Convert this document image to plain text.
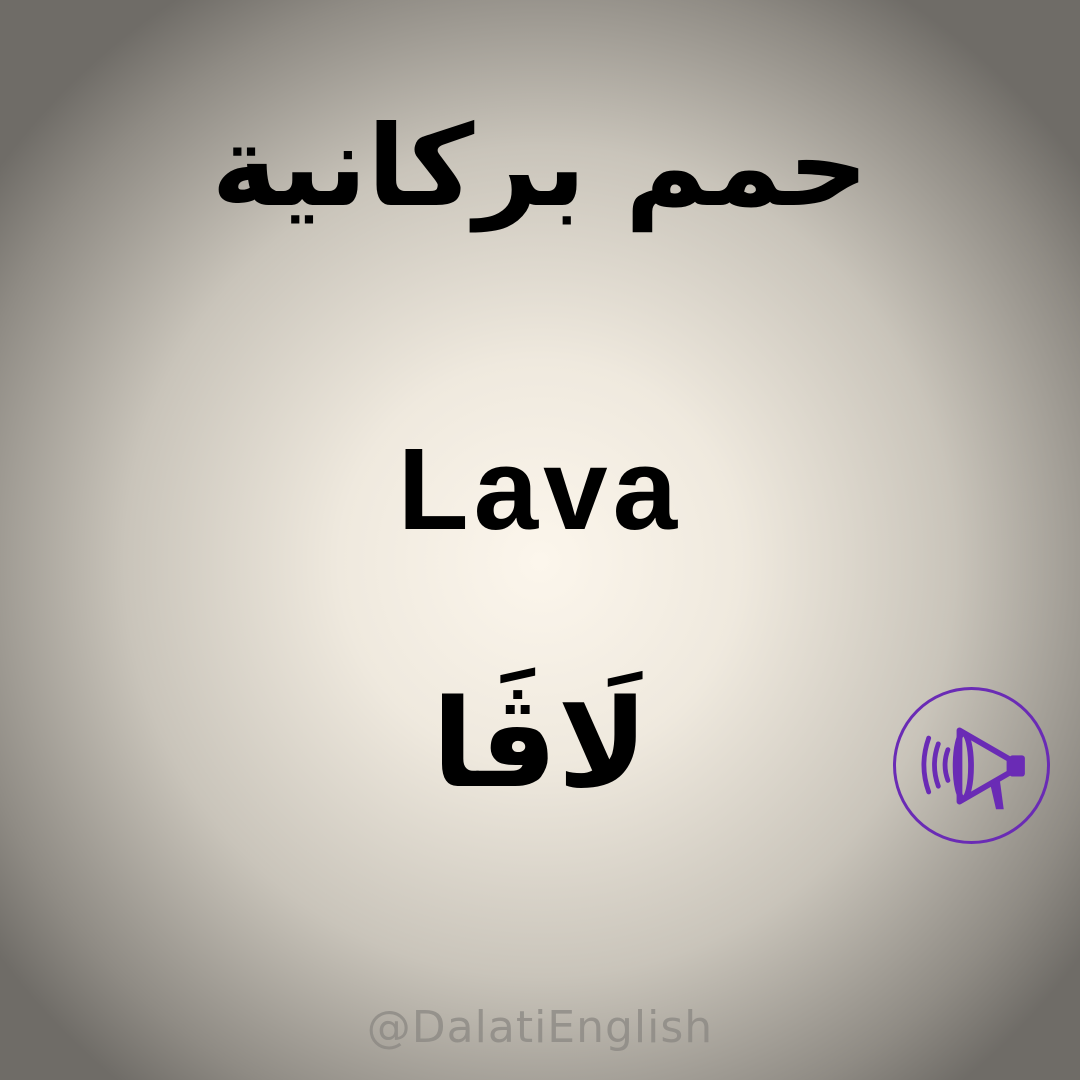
حمم بركانية
Lava
لَاڤَا
@DalatiEnglish
